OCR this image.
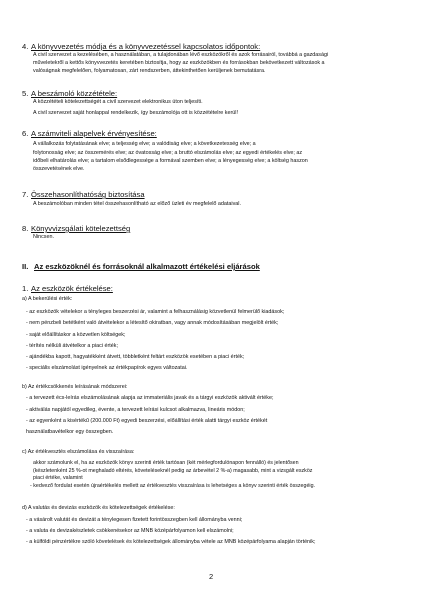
4. A könyvvezetés módja és a könyvvezetéssel kapcsolatos időpontok:
A civil szervezet a kezelésében, a használatában, a tulajdonában lévő eszközökről és azok forrásairól, továbbá a gazdasági
műveletekről a kettős könyvvezetés keretében biztosítja, hogy az eszközökben és forrásokban bekövetkezett változások a
valóságnak megfelelően, folyamatosan, zárt rendszerben, áttekinthetően kerüljenek bemutatásra.
5. A beszámoló közzététele:
A közzétételi kötelezettségét a civil szervezet elektronikus úton teljesíti.
A civil szervezet saját honlappal rendelkezik, így beszámolója ott is közzétételre kerül!
6. A számviteli alapelvek érvényesítése:
A vállalkozás folytatásának elve; a teljesség elve; a valódiság elve; a következetesség elve; a
folytonosság elve; az összemérés elve; az óvatosság elve; a bruttó elszámolás elve; az egyedi értékelés elve; az
időbeli elhatárolás elve; a tartalom elsődlegessége a formával szemben elve; a lényegesség elve; a költség haszon
összevetésének elve.
7. Összehasonlíthatóság biztosítása
A beszámolóban minden tétel összehasonlítható az előző üzleti év megfelelő adataival.
8. Könyvvizsgálati kötelezettség
Nincsen.
II. Az eszközöknél és forrásoknál alkalmazott értékelési eljárások
1. Az eszközök értékelése:
a) A bekerülési érték:
- az eszközök vételekor a tényleges beszerzési ár, valamint a felhasználásig közvetlenül felmerülő kiadások;
- nem pénzbeli betétként való átvételekor a létesítő okiratban, vagy annak módosításában megjelölt érték;
- saját előállításkor a közvetlen költségek;
- térítés nélküli átvételkor a piaci érték;
- ajándékba kapott, hagyatékként átvett, többletként feltárt eszközök esetében a piaci érték;
- speciális elszámolást igényelnek az értékpapírok egyes változatai.
b) Az értékcsökkenés leírásának módszerei:
- a tervezett écs-leírás elszámolásának alapja az immateriális javak és a tárgyi eszközök aktivált értéke;
- aktiválás napjától egyedileg, évente, a tervezett leírási kulcsot alkalmazva, lineáris módon;
- az egyenként a kisértékű (200.000 Ft) egyedi beszerzési, előállítási érték alatti tárgyi eszköz értékét
használatbavételkor egy összegben.
c) Az értékvesztés elszámolása és visszaírása:
akkor számolunk el, ha az eszközök könyv szerinti érték tartósan (két mérlegfordulónapon fennálló) és jelentősen
(készletenként 25 %-ot meghaladó eltérés, követeléseknél pedig az árbevétel 2 %-a) magasabb, mint a vizsgált eszköz
piaci értéke, valamint
- kedvező fordulat esetén újraértékelés mellett az értékvesztés visszaírása is lehetséges a könyv szerinti érték összegéig.
d) A valutás és devizás eszközök és kötelezettségek értékelése:
- a vásárolt valutát és devizát a ténylegesen fizetett forintösszegben kell állományba venni;
- a valuta és devizakészletek csökkenésekor az MNB középárfolyamon kell elszámolni;
- a külföldi pénzértékre szóló követelések és kötelezettségek állományba vétele az MNB középárfolyama alapján történik;
2
